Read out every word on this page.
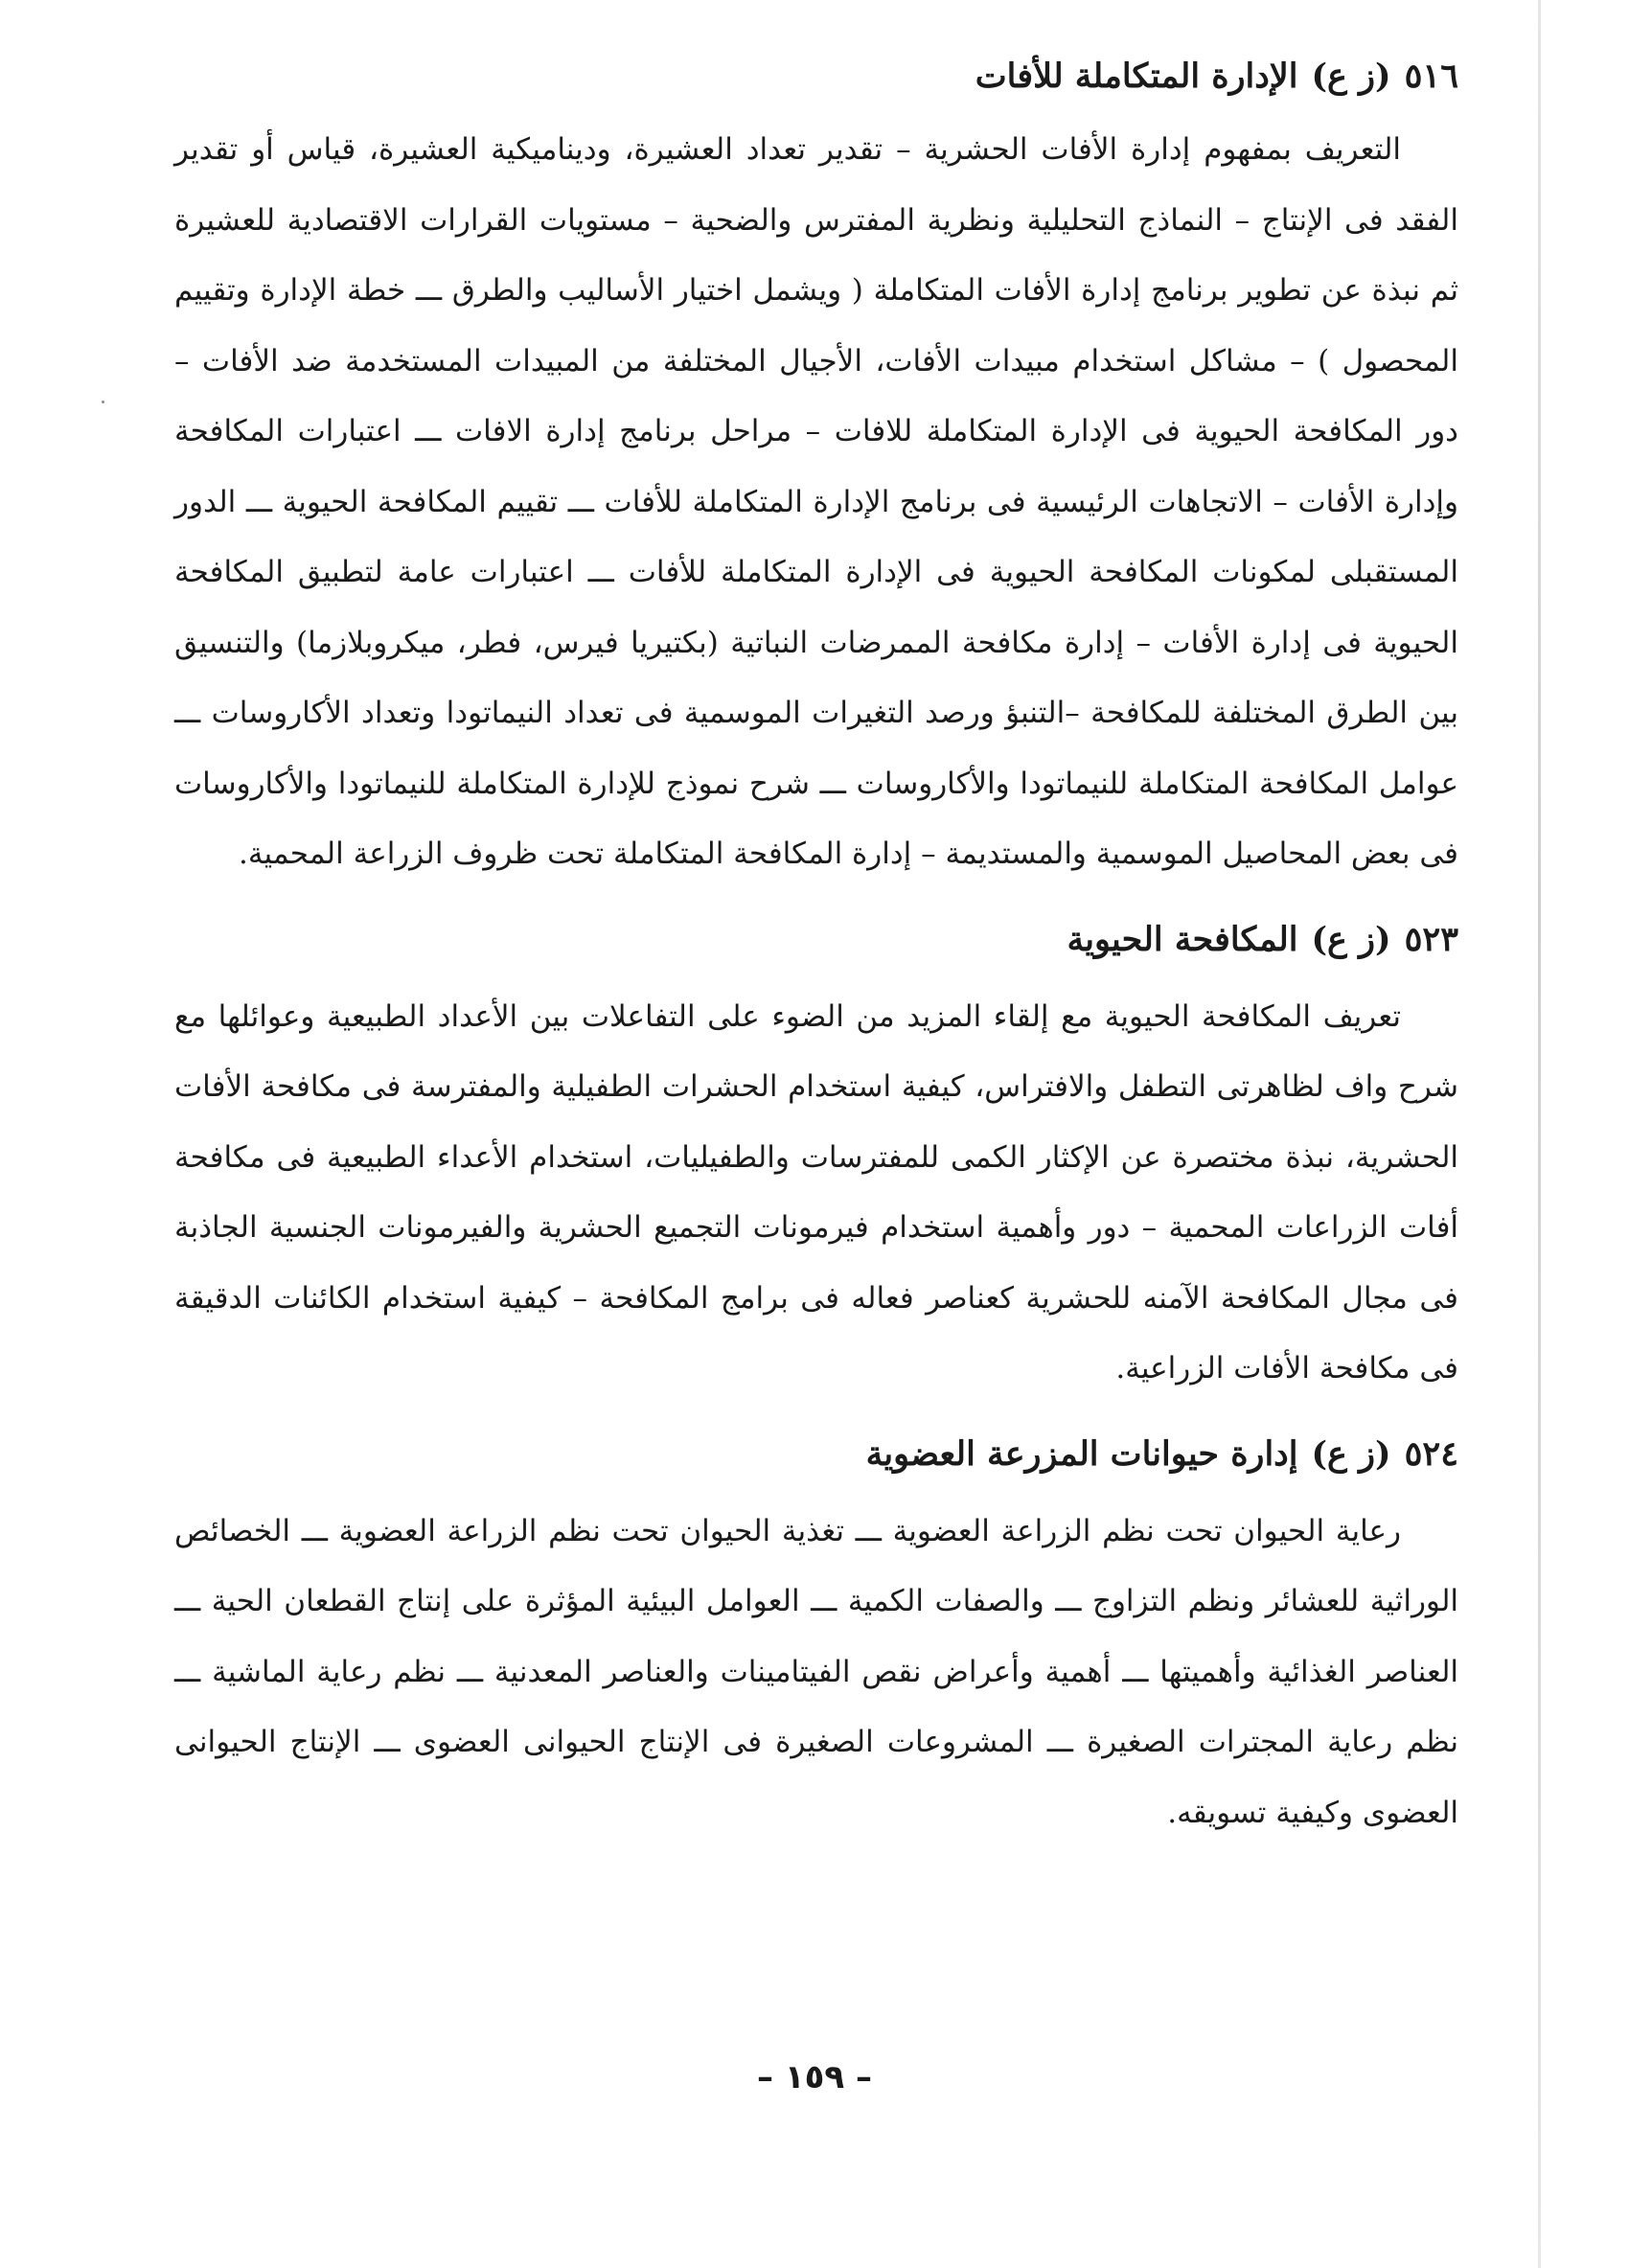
٥١٦
(ز ع)
الإدارة المتكاملة للأفات

التعريف بمفهوم إدارة الأفات الحشرية – تقدير تعداد العشيرة، وديناميكية العشيرة، قياس أو تقدير الفقد فى الإنتاج – النماذج التحليلية ونظرية المفترس والضحية – مستويات القرارات الاقتصادية للعشيرة ثم نبذة عن تطوير برنامج إدارة الأفات المتكاملة ( ويشمل اختيار الأساليب والطرق ـــ خطة الإدارة وتقييم المحصول ) – مشاكل استخدام مبيدات الأفات، الأجيال المختلفة من المبيدات المستخدمة ضد الأفات – دور المكافحة الحيوية فى الإدارة المتكاملة للافات – مراحل برنامج إدارة الافات ـــ اعتبارات المكافحة وإدارة الأفات – الاتجاهات الرئيسية فى برنامج الإدارة المتكاملة للأفات ـــ تقييم المكافحة الحيوية ـــ الدور المستقبلى لمكونات المكافحة الحيوية فى الإدارة المتكاملة للأفات ـــ اعتبارات عامة لتطبيق المكافحة الحيوية فى إدارة الأفات – إدارة مكافحة الممرضات النباتية (بكتيريا فيرس، فطر، ميكروبلازما) والتنسيق بين الطرق المختلفة للمكافحة –التنبؤ ورصد التغيرات الموسمية فى تعداد النيماتودا وتعداد الأكاروسات ـــ عوامل المكافحة المتكاملة للنيماتودا والأكاروسات ـــ شرح نموذج للإدارة المتكاملة للنيماتودا والأكاروسات فى بعض المحاصيل الموسمية والمستديمة – إدارة المكافحة المتكاملة تحت ظروف الزراعة المحمية.

٥٢٣
(ز ع)
المكافحة الحيوية

تعريف المكافحة الحيوية مع إلقاء المزيد من الضوء على التفاعلات بين الأعداد الطبيعية وعوائلها مع شرح واف لظاهرتى التطفل والافتراس، كيفية استخدام الحشرات الطفيلية والمفترسة فى مكافحة الأفات الحشرية، نبذة مختصرة عن الإكثار الكمى للمفترسات والطفيليات، استخدام الأعداء الطبيعية فى مكافحة أفات الزراعات المحمية – دور وأهمية استخدام فيرمونات التجميع الحشرية والفيرمونات الجنسية الجاذبة فى مجال المكافحة الآمنه للحشرية كعناصر فعاله فى برامج المكافحة – كيفية استخدام الكائنات الدقيقة فى مكافحة الأفات الزراعية.

٥٢٤
(ز ع)
إدارة حيوانات المزرعة العضوية

رعاية الحيوان تحت نظم الزراعة العضوية ـــ تغذية الحيوان تحت نظم الزراعة العضوية ـــ الخصائص الوراثية للعشائر ونظم التزاوج ـــ والصفات الكمية ـــ العوامل البيئية المؤثرة على إنتاج القطعان الحية ـــ العناصر الغذائية وأهميتها ـــ أهمية وأعراض نقص الفيتامينات والعناصر المعدنية ـــ نظم رعاية الماشية ـــ نظم رعاية المجترات الصغيرة ـــ المشروعات الصغيرة فى الإنتاج الحيوانى العضوى ـــ الإنتاج الحيوانى العضوى وكيفية تسويقه.

– ١٥٩ –
